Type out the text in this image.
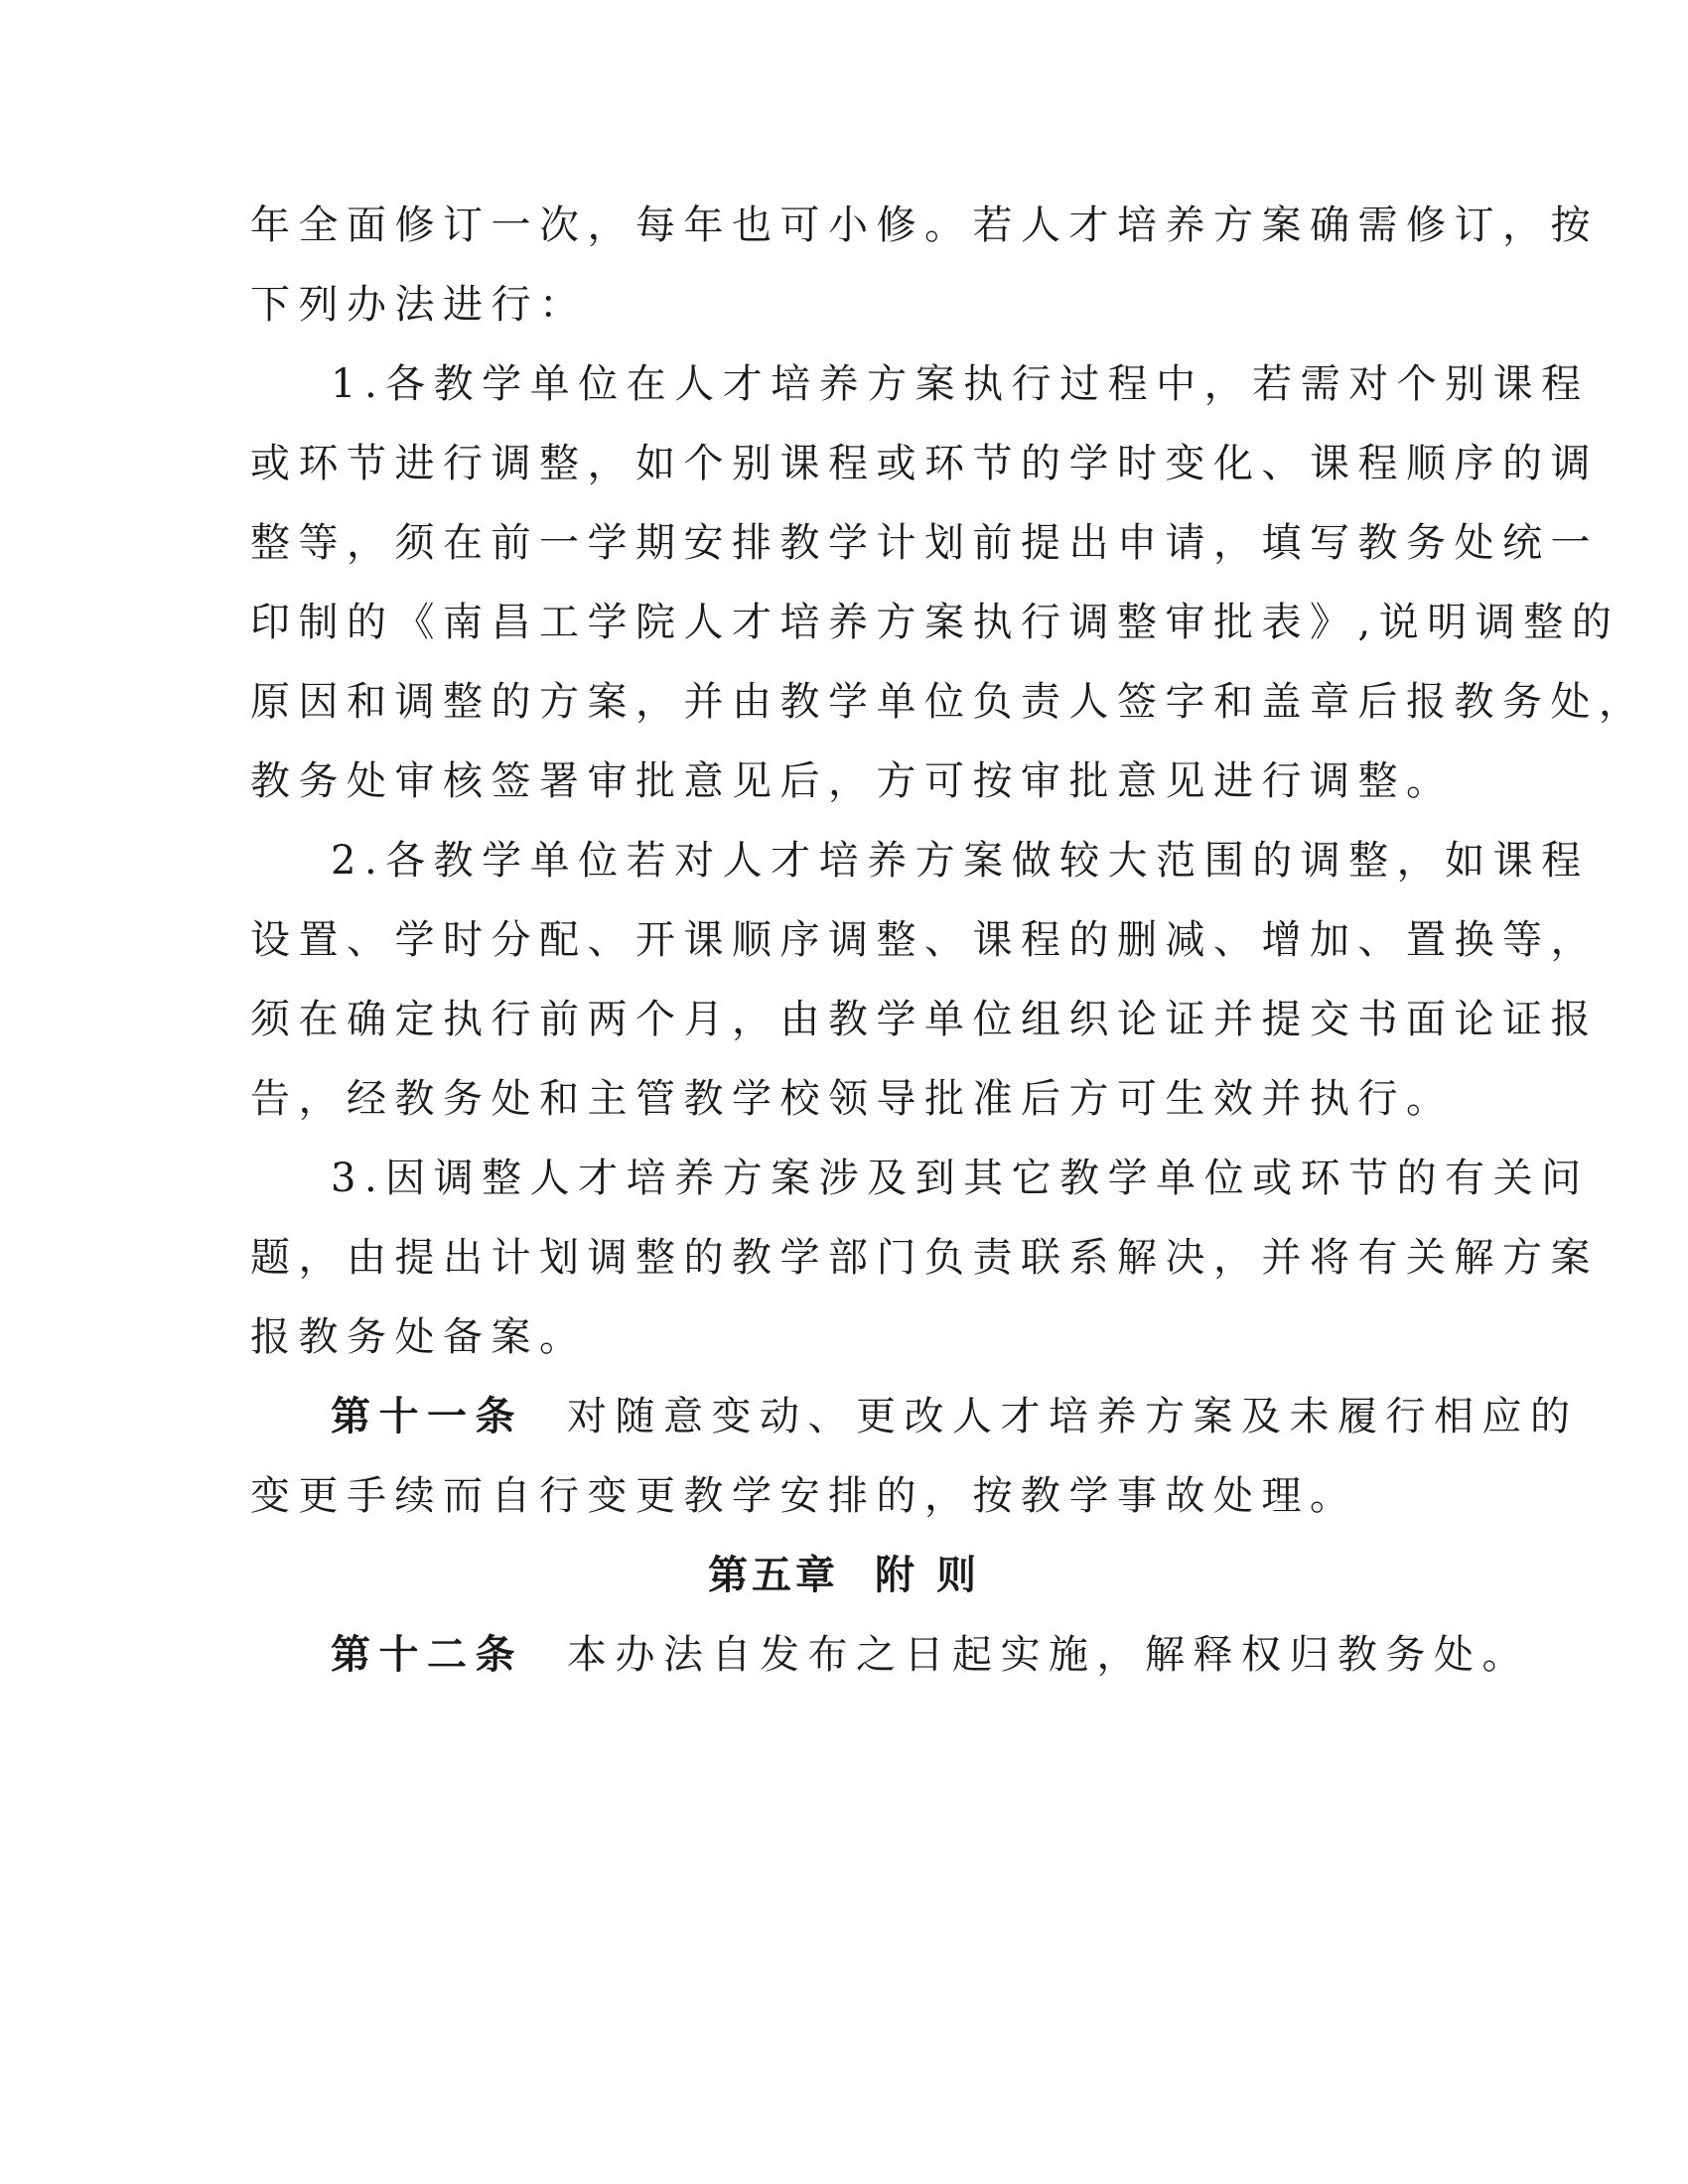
年全面修订一次，每年也可小修。若人才培养方案确需修订，按
下列办法进行：
1.各教学单位在人才培养方案执行过程中，若需对个别课程
或环节进行调整，如个别课程或环节的学时变化、课程顺序的调
整等，须在前一学期安排教学计划前提出申请，填写教务处统一
印制的《南昌工学院人才培养方案执行调整审批表》,说明调整的
原因和调整的方案，并由教学单位负责人签字和盖章后报教务处，
教务处审核签署审批意见后，方可按审批意见进行调整。
2.各教学单位若对人才培养方案做较大范围的调整，如课程
设置、学时分配、开课顺序调整、课程的删减、增加、置换等，
须在确定执行前两个月，由教学单位组织论证并提交书面论证报
告，经教务处和主管教学校领导批准后方可生效并执行。
3.因调整人才培养方案涉及到其它教学单位或环节的有关问
题，由提出计划调整的教学部门负责联系解决，并将有关解方案
报教务处备案。
第十一条 对随意变动、更改人才培养方案及未履行相应的
变更手续而自行变更教学安排的，按教学事故处理。
第五章 附 则
第十二条 本办法自发布之日起实施，解释权归教务处。
